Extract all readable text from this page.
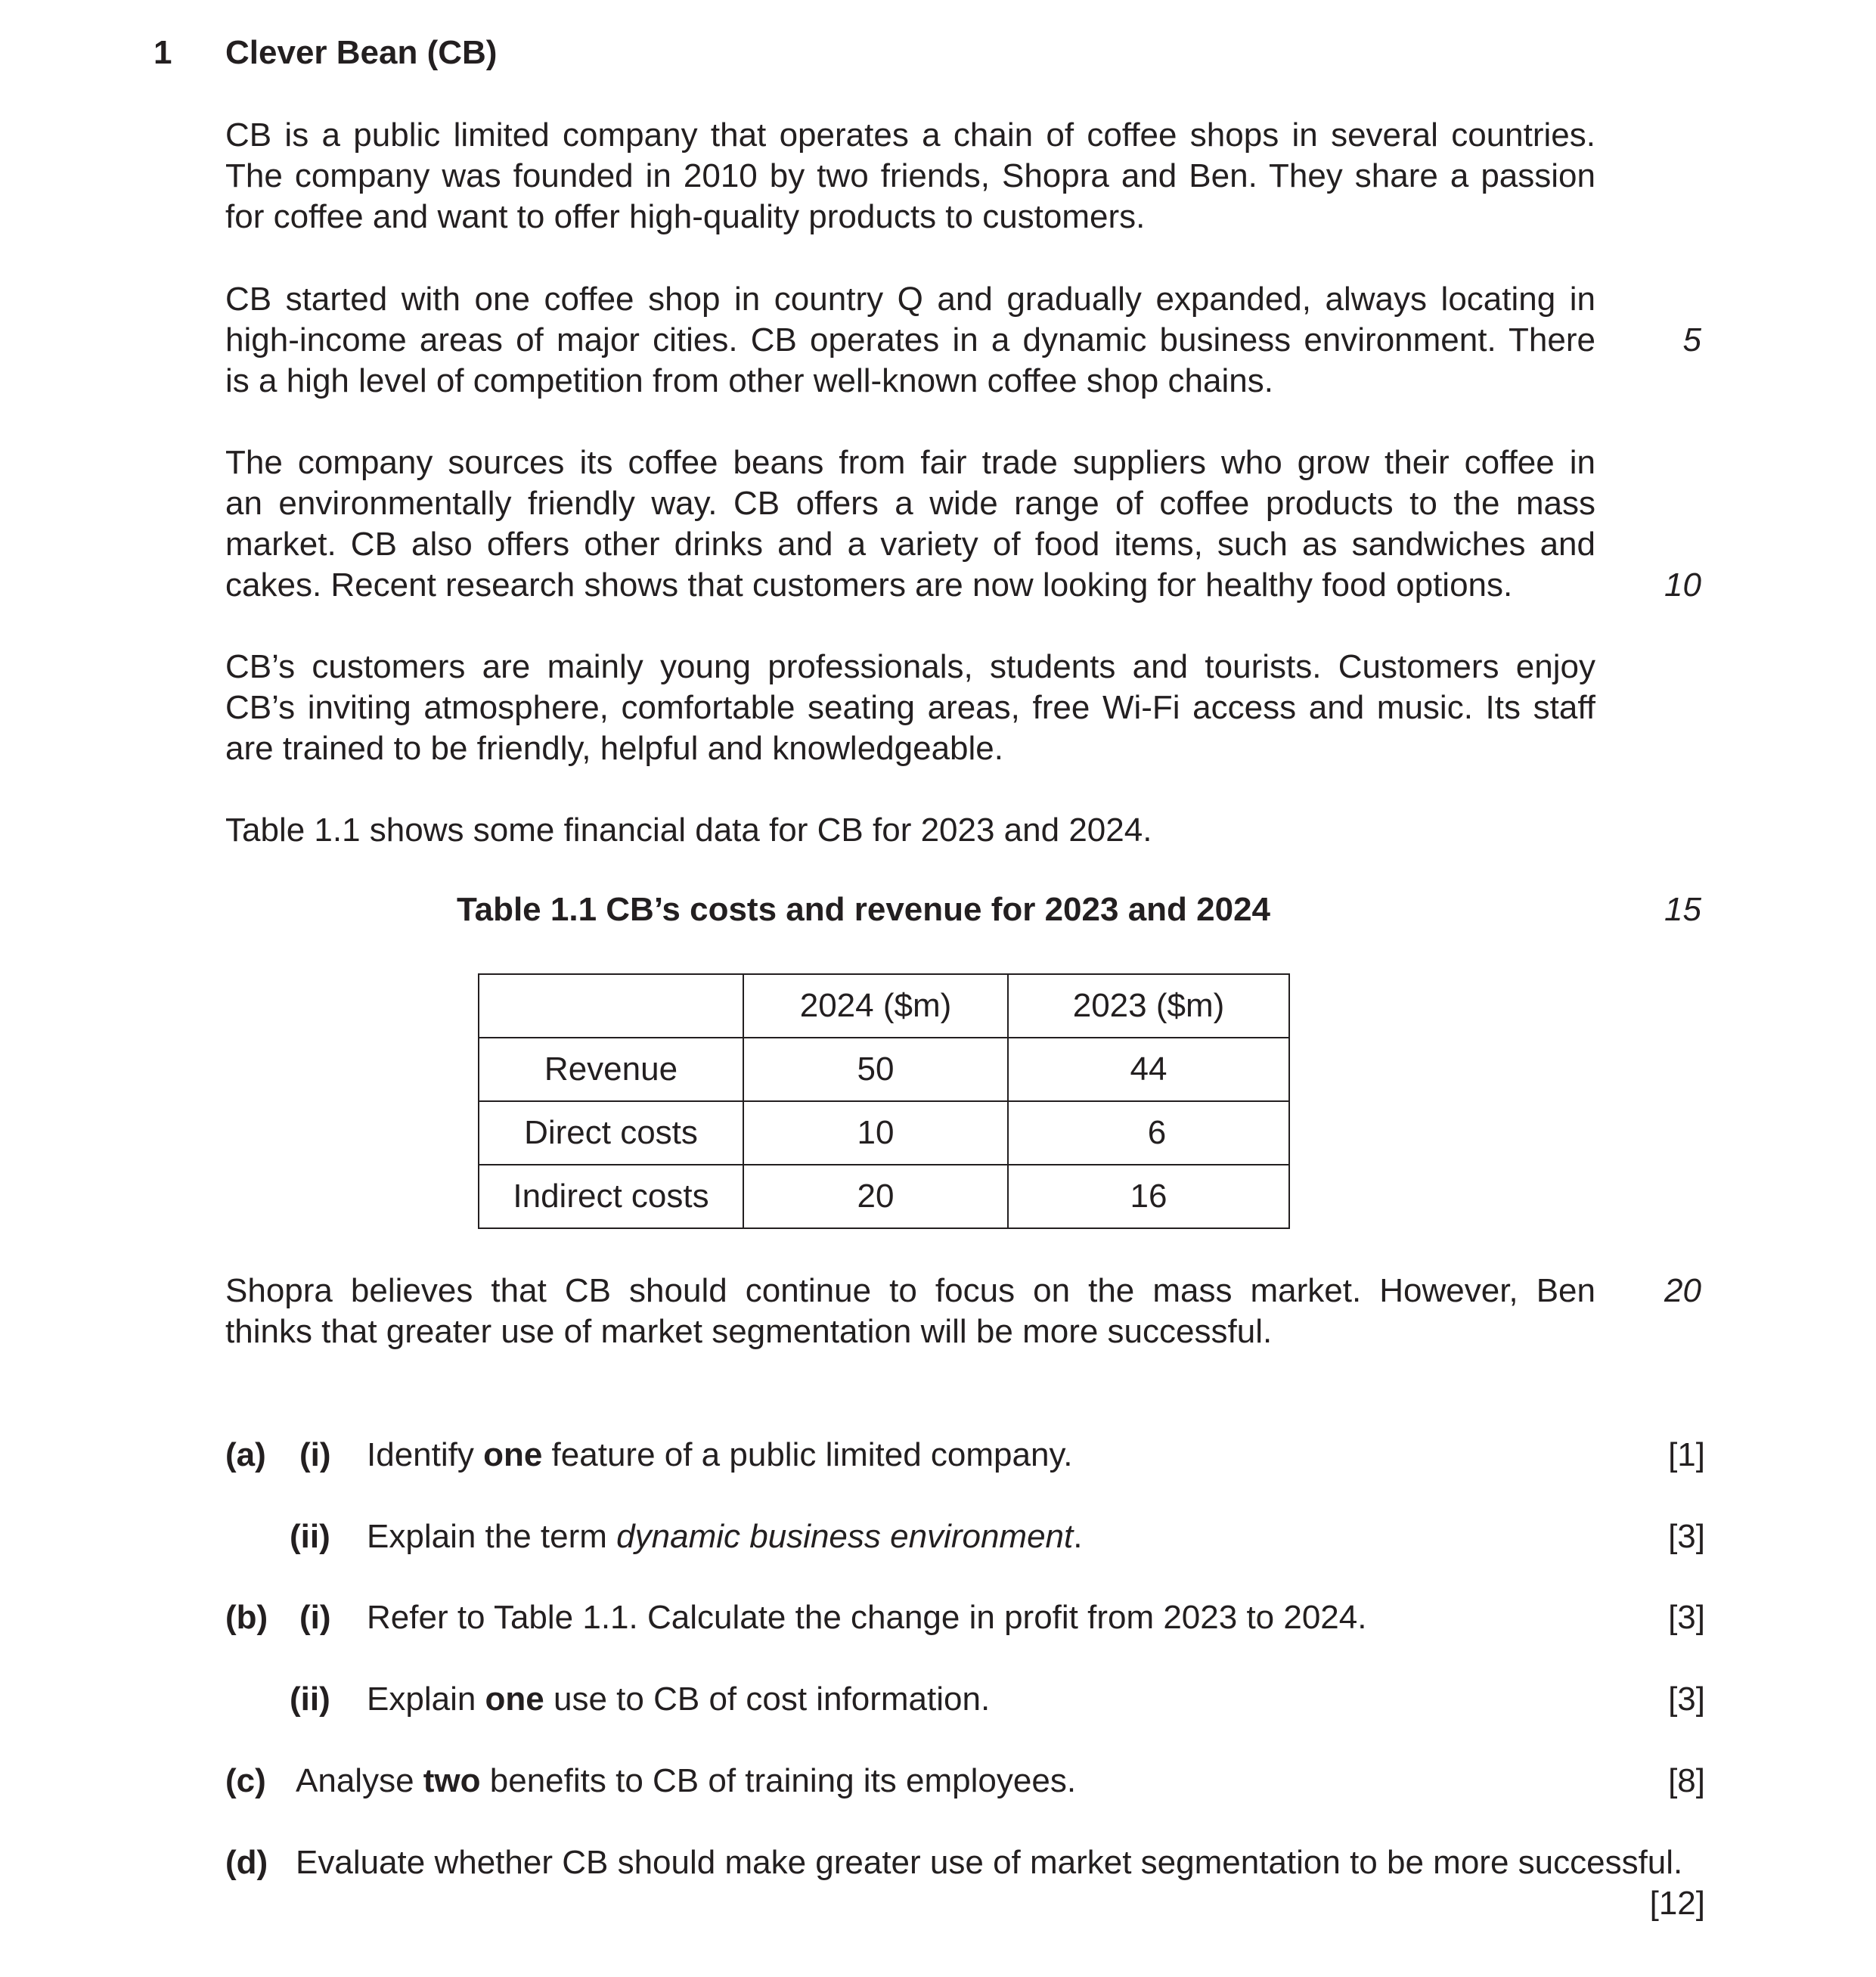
1 Clever Bean (CB)
CB is a public limited company that operates a chain of coffee shops in several countries.
The company was founded in 2010 by two friends, Shopra and Ben. They share a passion
for coffee and want to offer high-quality products to customers.
CB started with one coffee shop in country Q and gradually expanded, always locating in
high-income areas of major cities. CB operates in a dynamic business environment. There
is a high level of competition from other well-known coffee shop chains.
5
The company sources its coffee beans from fair trade suppliers who grow their coffee in
an environmentally friendly way. CB offers a wide range of coffee products to the mass
market. CB also offers other drinks and a variety of food items, such as sandwiches and
cakes. Recent research shows that customers are now looking for healthy food options.	10
CB’s customers are mainly young professionals, students and tourists. Customers enjoy
CB’s inviting atmosphere, comfortable seating areas, free Wi-Fi access and music. Its staff
are trained to be friendly, helpful and knowledgeable.
Table 1.1 shows some financial data for CB for 2023 and 2024.
Table 1.1 CB’s costs and revenue for 2023 and 2024	15
	2024 ($m)	2023 ($m)
Revenue	50	44
Direct costs	10	6
Indirect costs	20	16
Shopra believes that CB should continue to focus on the mass market. However, Ben
thinks that greater use of market segmentation will be more successful.
20
(a) (i) Identify one feature of a public limited company.	[1]
(ii) Explain the term dynamic business environment.	[3]
(b) (i) Refer to Table 1.1. Calculate the change in profit from 2023 to 2024.	[3]
(ii) Explain one use to CB of cost information.	[3]
(c) Analyse two benefits to CB of training its employees.	[8]
(d) Evaluate whether CB should make greater use of market segmentation to be more successful.
[12]
